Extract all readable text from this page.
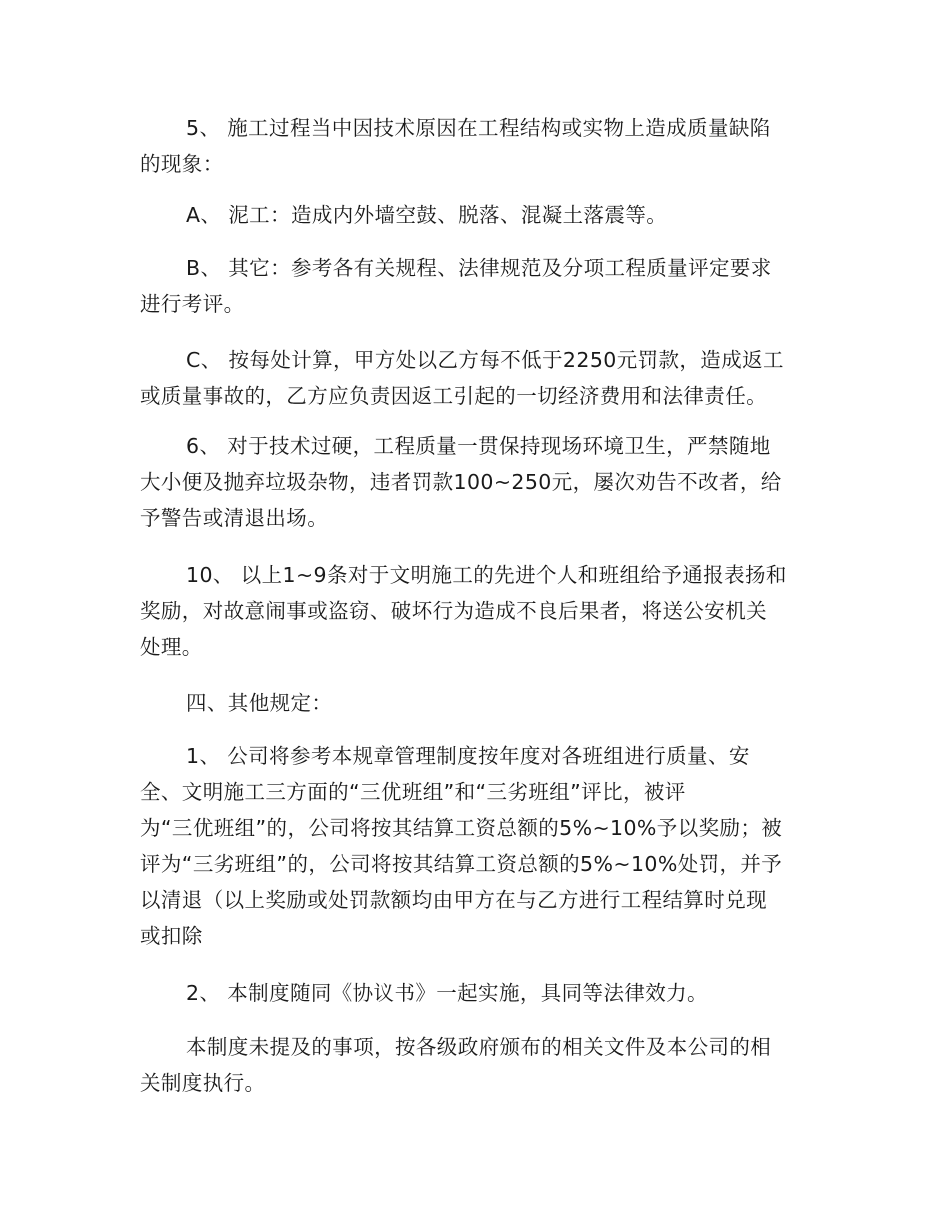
5、 施工过程当中因技术原因在工程结构或实物上造成质量缺陷
的现象：
A、 泥工：造成内外墙空鼓、脱落、混凝土落震等。
B、 其它：参考各有关规程、法律规范及分项工程质量评定要求
进行考评。
C、 按每处计算，甲方处以乙方每不低于2250元罚款，造成返工
或质量事故的，乙方应负责因返工引起的一切经济费用和法律责任。
6、 对于技术过硬，工程质量一贯保持现场环境卫生，严禁随地
大小便及抛弃垃圾杂物，违者罚款100~250元，屡次劝告不改者，给
予警告或清退出场。
10、 以上1~9条对于文明施工的先进个人和班组给予通报表扬和
奖励，对故意闹事或盗窃、破坏行为造成不良后果者，将送公安机关
处理。
四、其他规定：
1、 公司将参考本规章管理制度按年度对各班组进行质量、安
全、文明施工三方面的“三优班组”和“三劣班组”评比，被评
为“三优班组”的，公司将按其结算工资总额的5%~10%予以奖励；被
评为“三劣班组”的，公司将按其结算工资总额的5%~10%处罚，并予
以清退（以上奖励或处罚款额均由甲方在与乙方进行工程结算时兑现
或扣除
2、 本制度随同《协议书》一起实施，具同等法律效力。
本制度未提及的事项，按各级政府颁布的相关文件及本公司的相
关制度执行。
